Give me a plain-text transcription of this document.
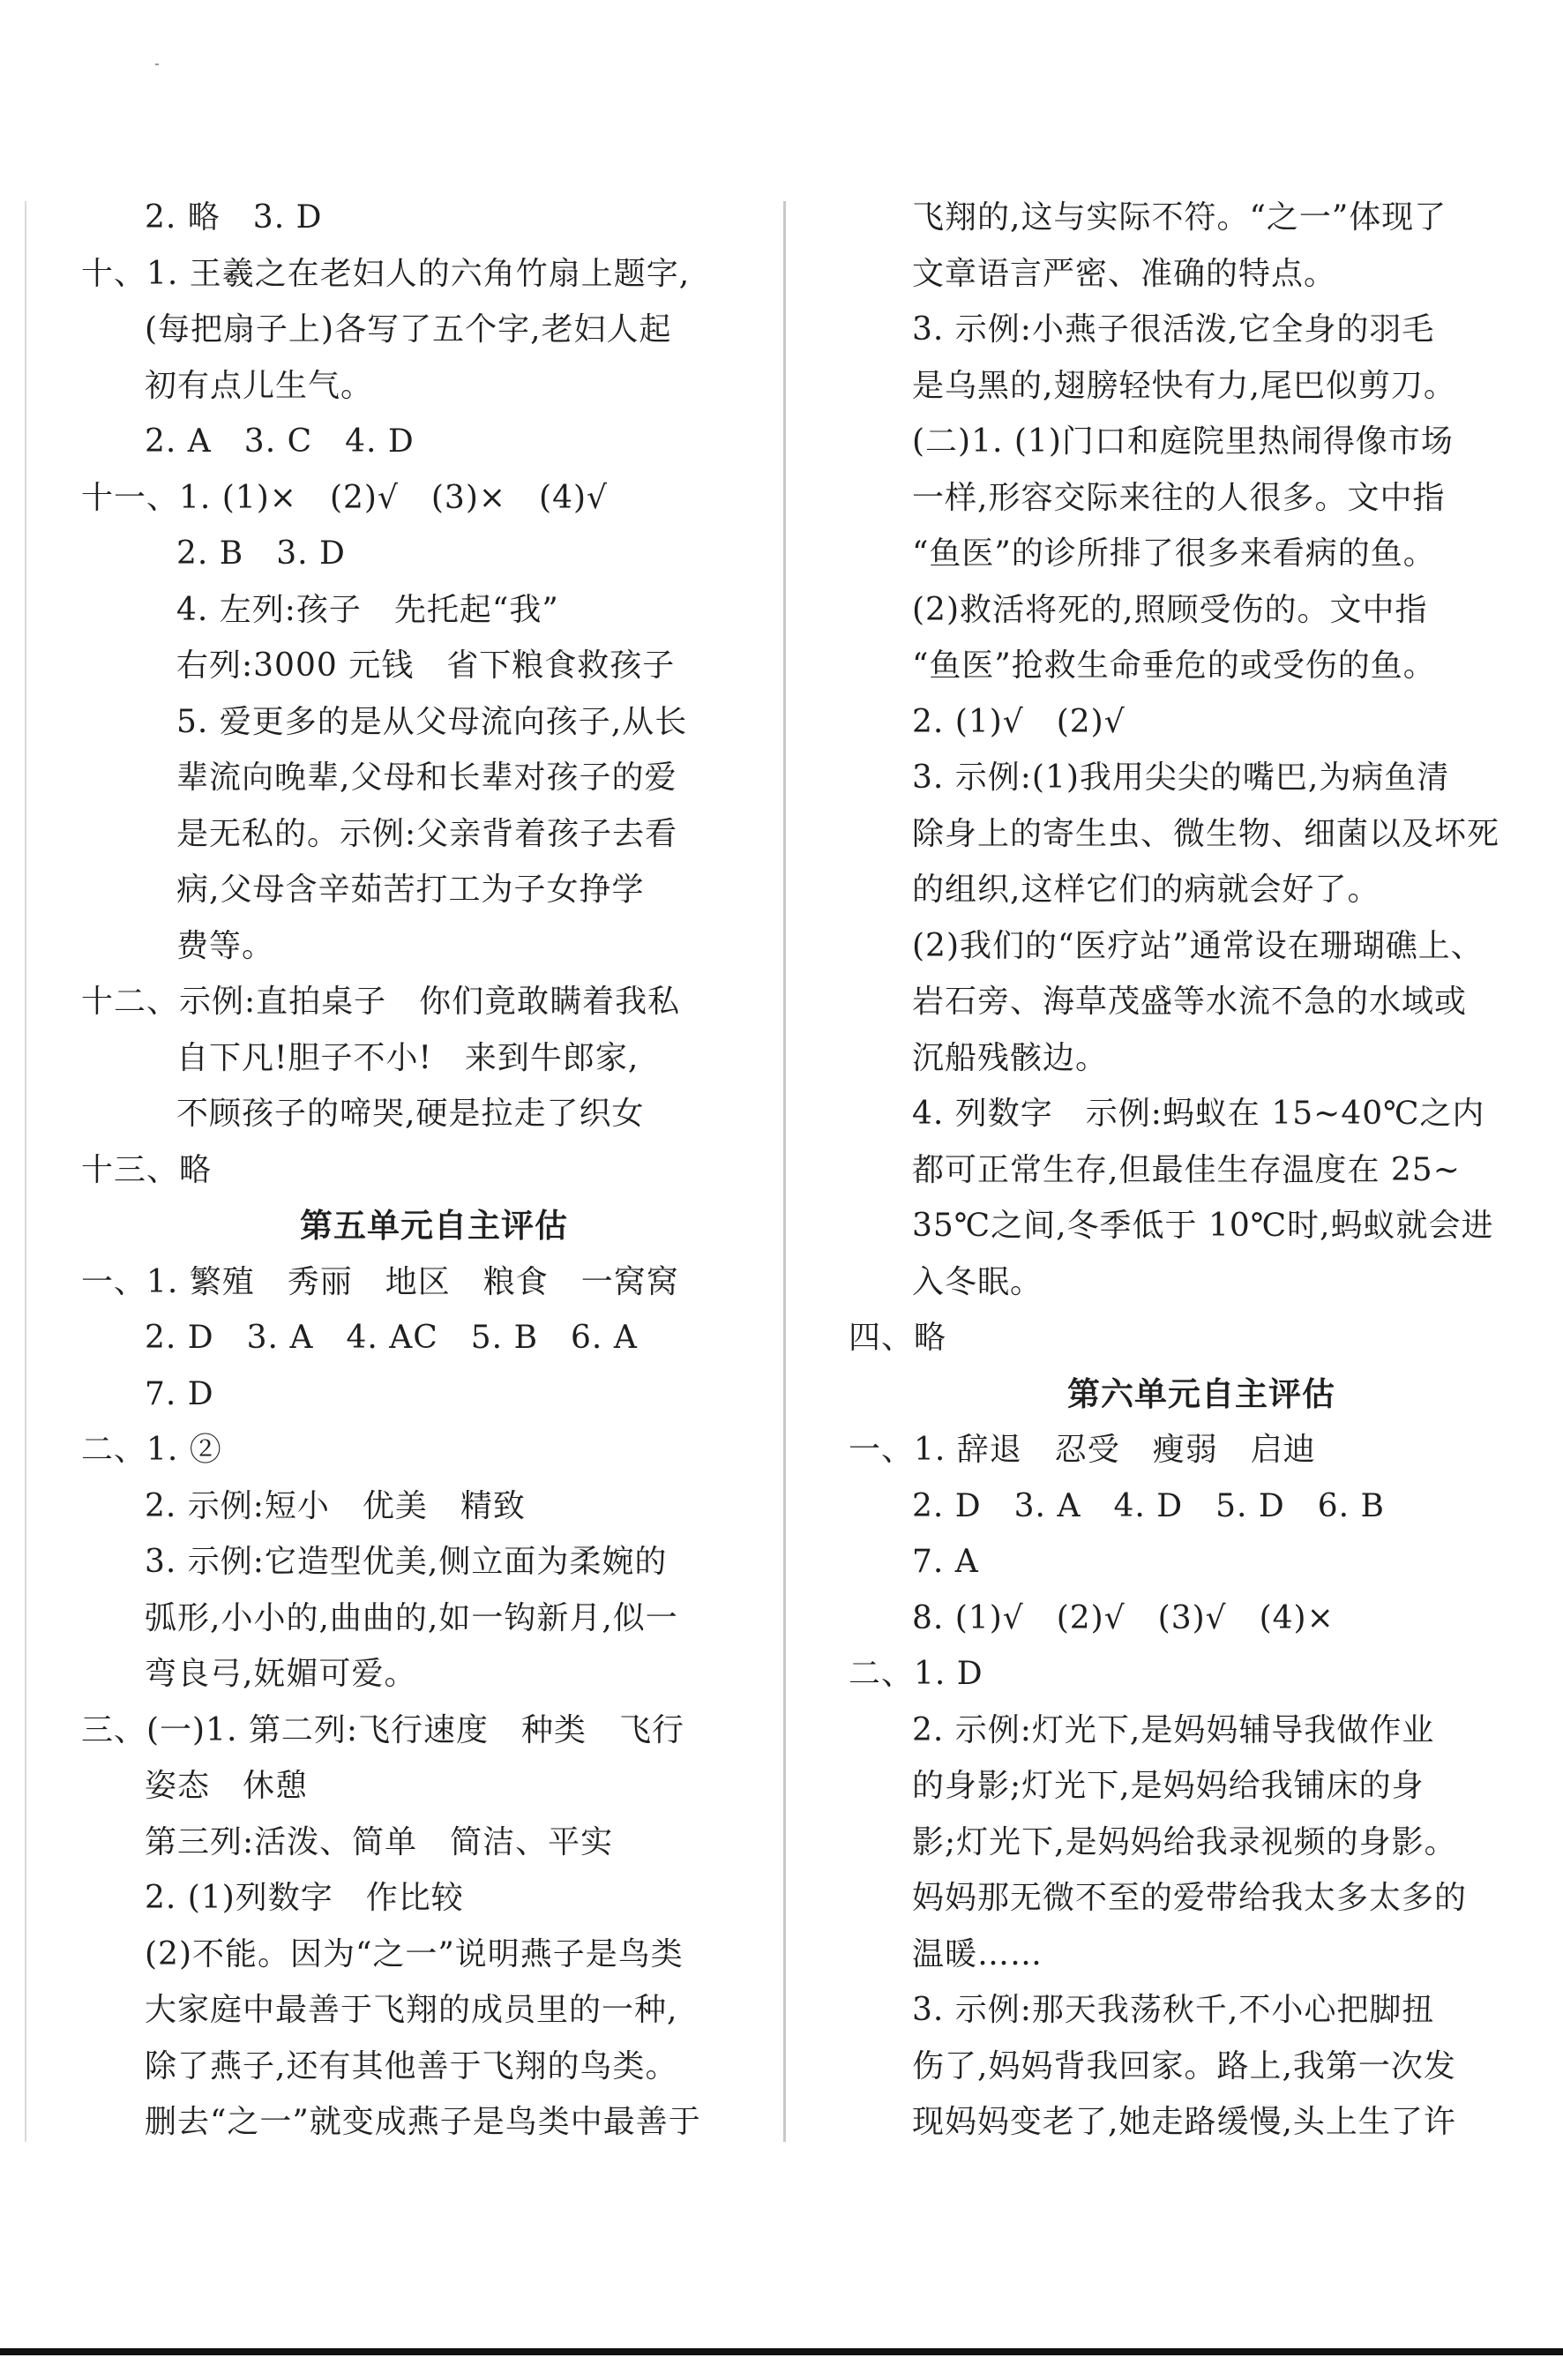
2. 略　3. D
十、1. 王羲之在老妇人的六角竹扇上题字,
(每把扇子上)各写了五个字,老妇人起
初有点儿生气。
2. A　3. C　4. D
十一、1. (1)×　(2)√　(3)×　(4)√
2. B　3. D
4. 左列:孩子　先托起“我”
右列:3000 元钱　省下粮食救孩子
5. 爱更多的是从父母流向孩子,从长
辈流向晚辈,父母和长辈对孩子的爱
是无私的。示例:父亲背着孩子去看
病,父母含辛茹苦打工为子女挣学
费等。
十二、示例:直拍桌子　你们竟敢瞒着我私
自下凡!胆子不小!　来到牛郎家,
不顾孩子的啼哭,硬是拉走了织女
十三、略
第五单元自主评估
一、1. 繁殖　秀丽　地区　粮食　一窝窝
2. D　3. A　4. AC　5. B　6. A
7. D
二、1. ②
2. 示例:短小　优美　精致
3. 示例:它造型优美,侧立面为柔婉的
弧形,小小的,曲曲的,如一钩新月,似一
弯良弓,妩媚可爱。
三、(一)1. 第二列:飞行速度　种类　飞行
姿态　休憩
第三列:活泼、简单　简洁、平实
2. (1)列数字　作比较
(2)不能。因为“之一”说明燕子是鸟类
大家庭中最善于飞翔的成员里的一种,
除了燕子,还有其他善于飞翔的鸟类。
删去“之一”就变成燕子是鸟类中最善于
飞翔的,这与实际不符。“之一”体现了
文章语言严密、准确的特点。
3. 示例:小燕子很活泼,它全身的羽毛
是乌黑的,翅膀轻快有力,尾巴似剪刀。
(二)1. (1)门口和庭院里热闹得像市场
一样,形容交际来往的人很多。文中指
“鱼医”的诊所排了很多来看病的鱼。
(2)救活将死的,照顾受伤的。文中指
“鱼医”抢救生命垂危的或受伤的鱼。
2. (1)√　(2)√
3. 示例:(1)我用尖尖的嘴巴,为病鱼清
除身上的寄生虫、微生物、细菌以及坏死
的组织,这样它们的病就会好了。
(2)我们的“医疗站”通常设在珊瑚礁上、
岩石旁、海草茂盛等水流不急的水域或
沉船残骸边。
4. 列数字　示例:蚂蚁在 15~40℃之内
都可正常生存,但最佳生存温度在 25~
35℃之间,冬季低于 10℃时,蚂蚁就会进
入冬眠。
四、略
第六单元自主评估
一、1. 辞退　忍受　瘦弱　启迪
2. D　3. A　4. D　5. D　6. B
7. A
8. (1)√　(2)√　(3)√　(4)×
二、1. D
2. 示例:灯光下,是妈妈辅导我做作业
的身影;灯光下,是妈妈给我铺床的身
影;灯光下,是妈妈给我录视频的身影。
妈妈那无微不至的爱带给我太多太多的
温暖……
3. 示例:那天我荡秋千,不小心把脚扭
伤了,妈妈背我回家。路上,我第一次发
现妈妈变老了,她走路缓慢,头上生了许
